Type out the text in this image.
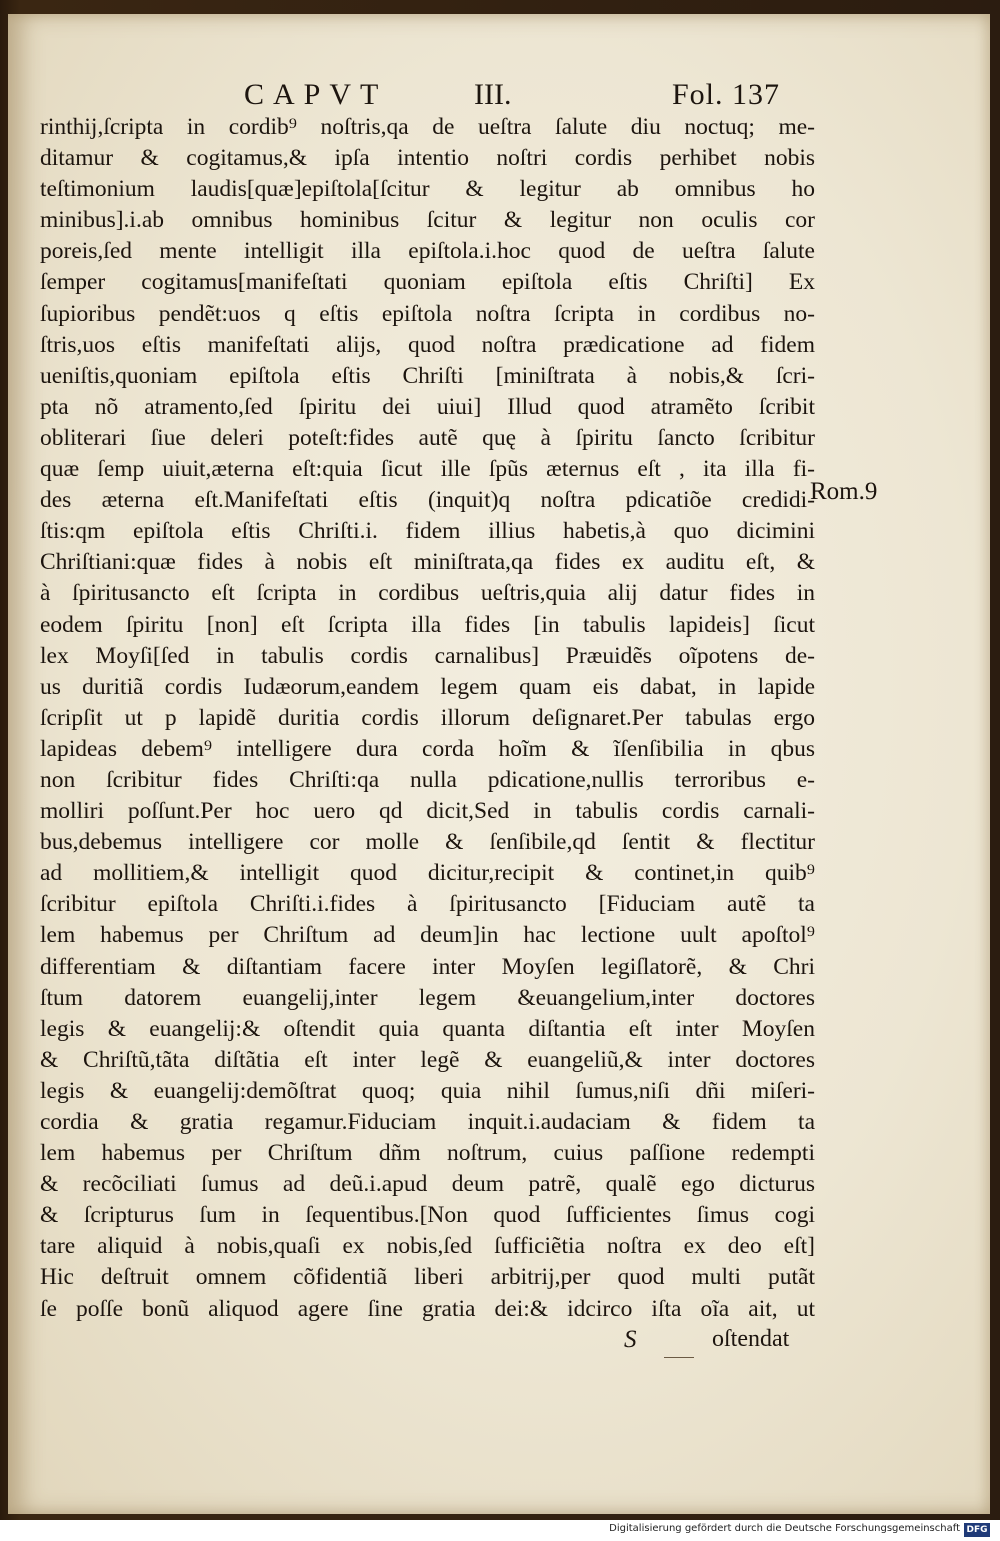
CAPVT	III.	Fol. 137
rinthij,ſcripta in cordib⁹ noſtris,qa de ueſtra ſalute diu noctuq; me-
ditamur & cogitamus,& ipſa intentio noſtri cordis perhibet nobis
teſtimonium laudis[quæ]epiſtola[ſcitur & legitur ab omnibus ho
minibus].i.ab omnibus hominibus ſcitur & legitur non oculis cor
poreis,ſed mente intelligit illa epiſtola.i.hoc quod de ueſtra ſalute
ſemper cogitamus[manifeſtati quoniam epiſtola eſtis Chriſti] Ex
ſupioribus pendẽt:uos q eſtis epiſtola noſtra ſcripta in cordibus no-
ſtris,uos eſtis manifeſtati alijs, quod noſtra prædicatione ad fidem
ueniſtis,quoniam epiſtola eſtis Chriſti [miniſtrata à nobis,& ſcri-
pta nõ atramento,ſed ſpiritu dei uiui] Illud quod atramẽto ſcribit
obliterari ſiue deleri poteſt:fides autẽ quę à ſpiritu ſancto ſcribitur
quæ ſemp uiuit,æterna eſt:quia ſicut ille ſpũs æternus eſt , ita illa fi-
des æterna eſt.Manifeſtati eſtis (inquit)q noſtra pdicatiõe credidi-
ſtis:qm epiſtola eſtis Chriſti.i. fidem illius habetis,à quo dicimini
Chriſtiani:quæ fides à nobis eſt miniſtrata,qa fides ex auditu eſt, &
à ſpiritusancto eſt ſcripta in cordibus ueſtris,quia alij datur fides in
eodem ſpiritu [non] eſt ſcripta illa fides [in tabulis lapideis] ſicut
lex Moyſi[ſed in tabulis cordis carnalibus] Præuidẽs oĩpotens de-
us duritiã cordis Iudæorum,eandem legem quam eis dabat, in lapide
ſcripſit ut p lapidẽ duritia cordis illorum deſignaret.Per tabulas ergo
lapideas debem⁹ intelligere dura corda hoĩm & ĩſenſibilia in qbus
non ſcribitur fides Chriſti:qa nulla pdicatione,nullis terroribus e-
molliri poſſunt.Per hoc uero qd dicit,Sed in tabulis cordis carnali-
bus,debemus intelligere cor molle & ſenſibile,qd ſentit & flectitur
ad mollitiem,& intelligit quod dicitur,recipit & continet,in quib⁹
ſcribitur epiſtola Chriſti.i.fides à ſpiritusancto [Fiduciam autẽ ta
lem habemus per Chriſtum ad deum]in hac lectione uult apoſtol⁹
differentiam & diſtantiam facere inter Moyſen legiſlatorẽ, & Chri
ſtum datorem euangelij,inter legem &euangelium,inter doctores
legis & euangelij:& oſtendit quia quanta diſtantia eſt inter Moyſen
& Chriſtũ,tãta diſtãtia eſt inter legẽ & euangeliũ,& inter doctores
legis & euangelij:demõſtrat quoq; quia nihil ſumus,niſi dñi miſeri-
cordia & gratia regamur.Fiduciam inquit.i.audaciam & fidem ta
lem habemus per Chriſtum dñm noſtrum, cuius paſſione redempti
& recõciliati ſumus ad deũ.i.apud deum patrẽ, qualẽ ego dicturus
& ſcripturus ſum in ſequentibus.[Non quod ſufficientes ſimus cogi
tare aliquid à nobis,quaſi ex nobis,ſed ſufficiẽtia noſtra ex deo eſt]
Hic deſtruit omnem cõfidentiã liberi arbitrij,per quod multi putãt
ſe poſſe bonũ aliquod agere ſine gratia dei:& idcirco iſta oĩa ait, ut
Rom.9
S	oſtendat
Digitalisierung gefördert durch die Deutsche Forschungsgemeinschaft DFG
